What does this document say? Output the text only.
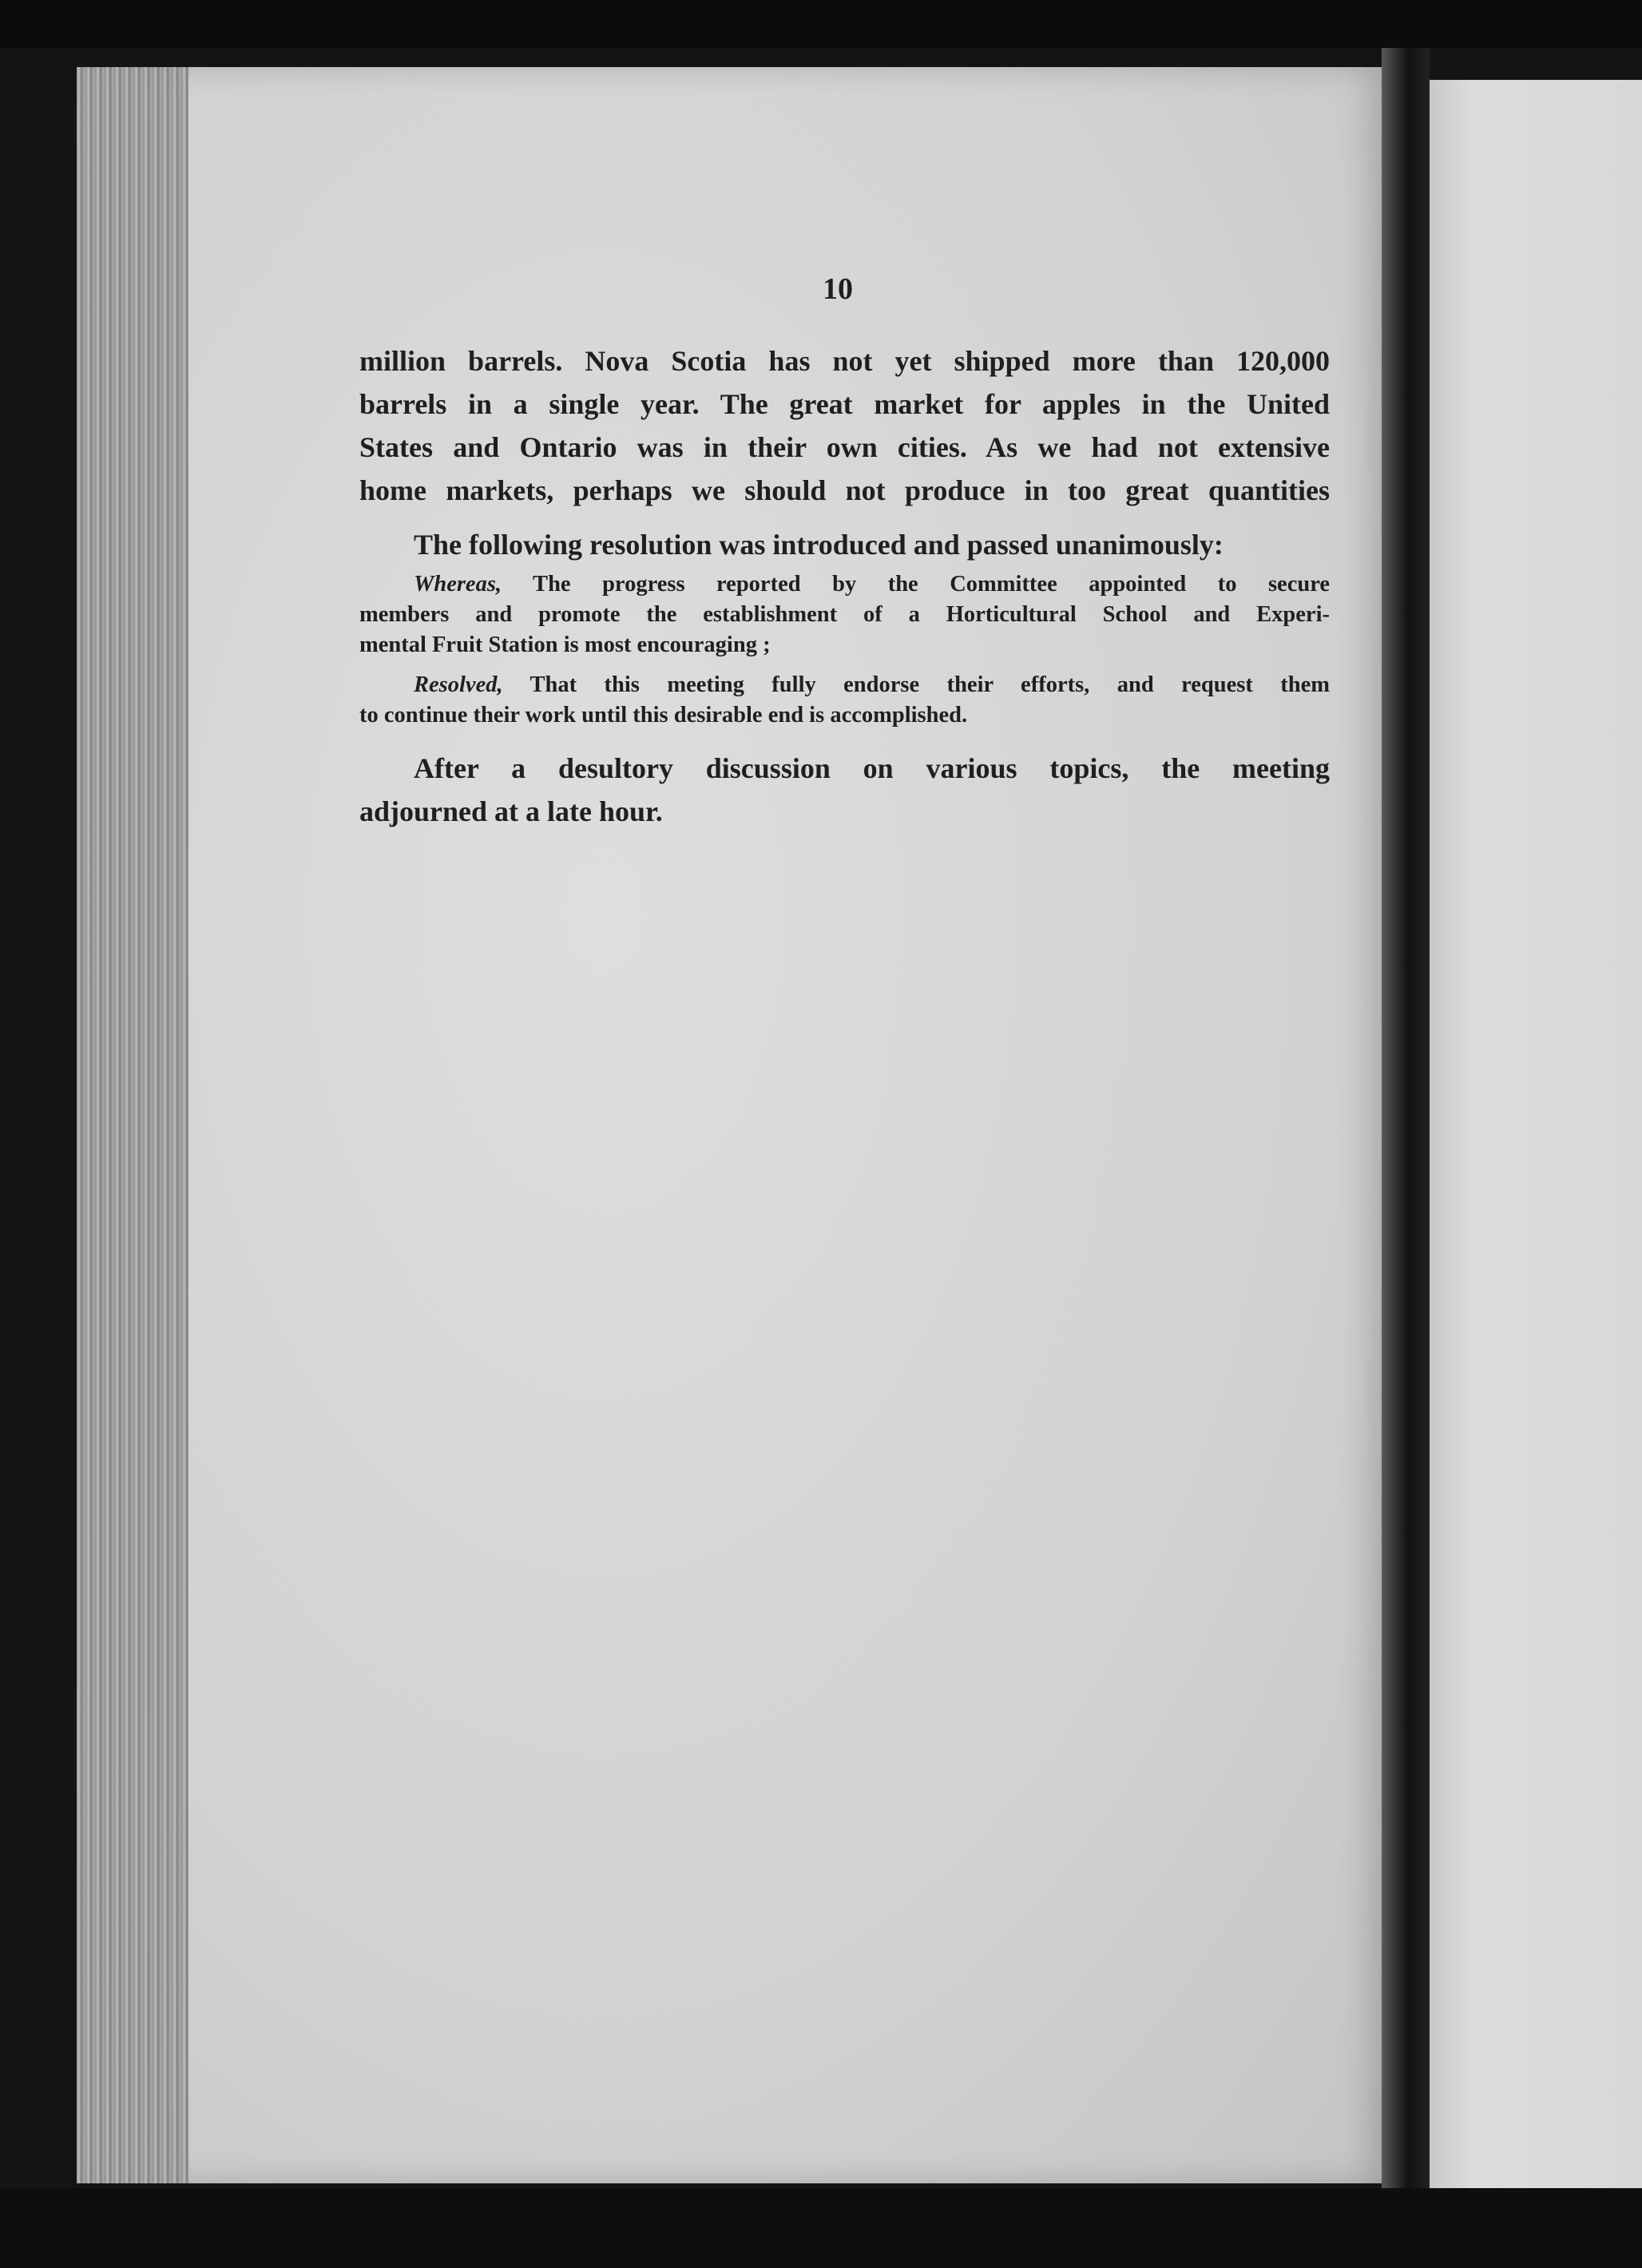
10
million barrels. Nova Scotia has not yet shipped more than 120,000
barrels in a single year. The great market for apples in the United
States and Ontario was in their own cities. As we had not extensive
home markets, perhaps we should not produce in too great quantities
The following resolution was introduced and passed unanimously:
Whereas, The progress reported by the Committee appointed to secure
members and promote the establishment of a Horticultural School and Experi-
mental Fruit Station is most encouraging ;
Resolved, That this meeting fully endorse their efforts, and request them
to continue their work until this desirable end is accomplished.
After a desultory discussion on various topics, the meeting
adjourned at a late hour.
